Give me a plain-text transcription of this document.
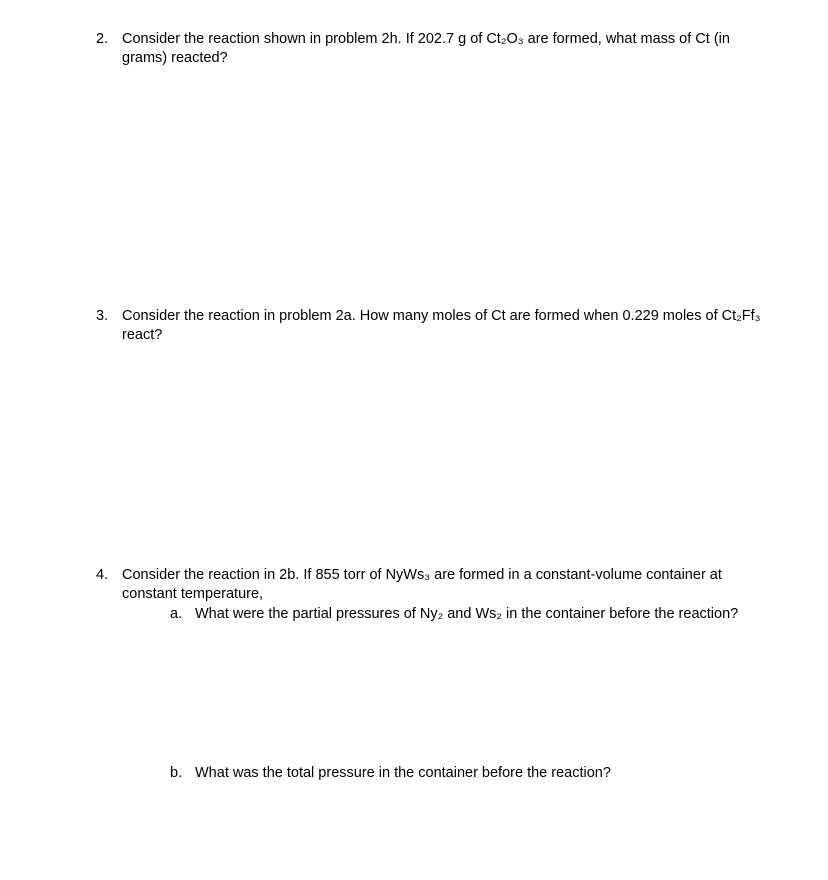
2. Consider the reaction shown in problem 2h. If 202.7 g of Ct₂O₃ are formed, what mass of Ct (in grams) reacted?
3. Consider the reaction in problem 2a. How many moles of Ct are formed when 0.229 moles of Ct₂Ff₃ react?
4. Consider the reaction in 2b. If 855 torr of NyWs₃ are formed in a constant-volume container at constant temperature,
a. What were the partial pressures of Ny₂ and Ws₂ in the container before the reaction?
b. What was the total pressure in the container before the reaction?
